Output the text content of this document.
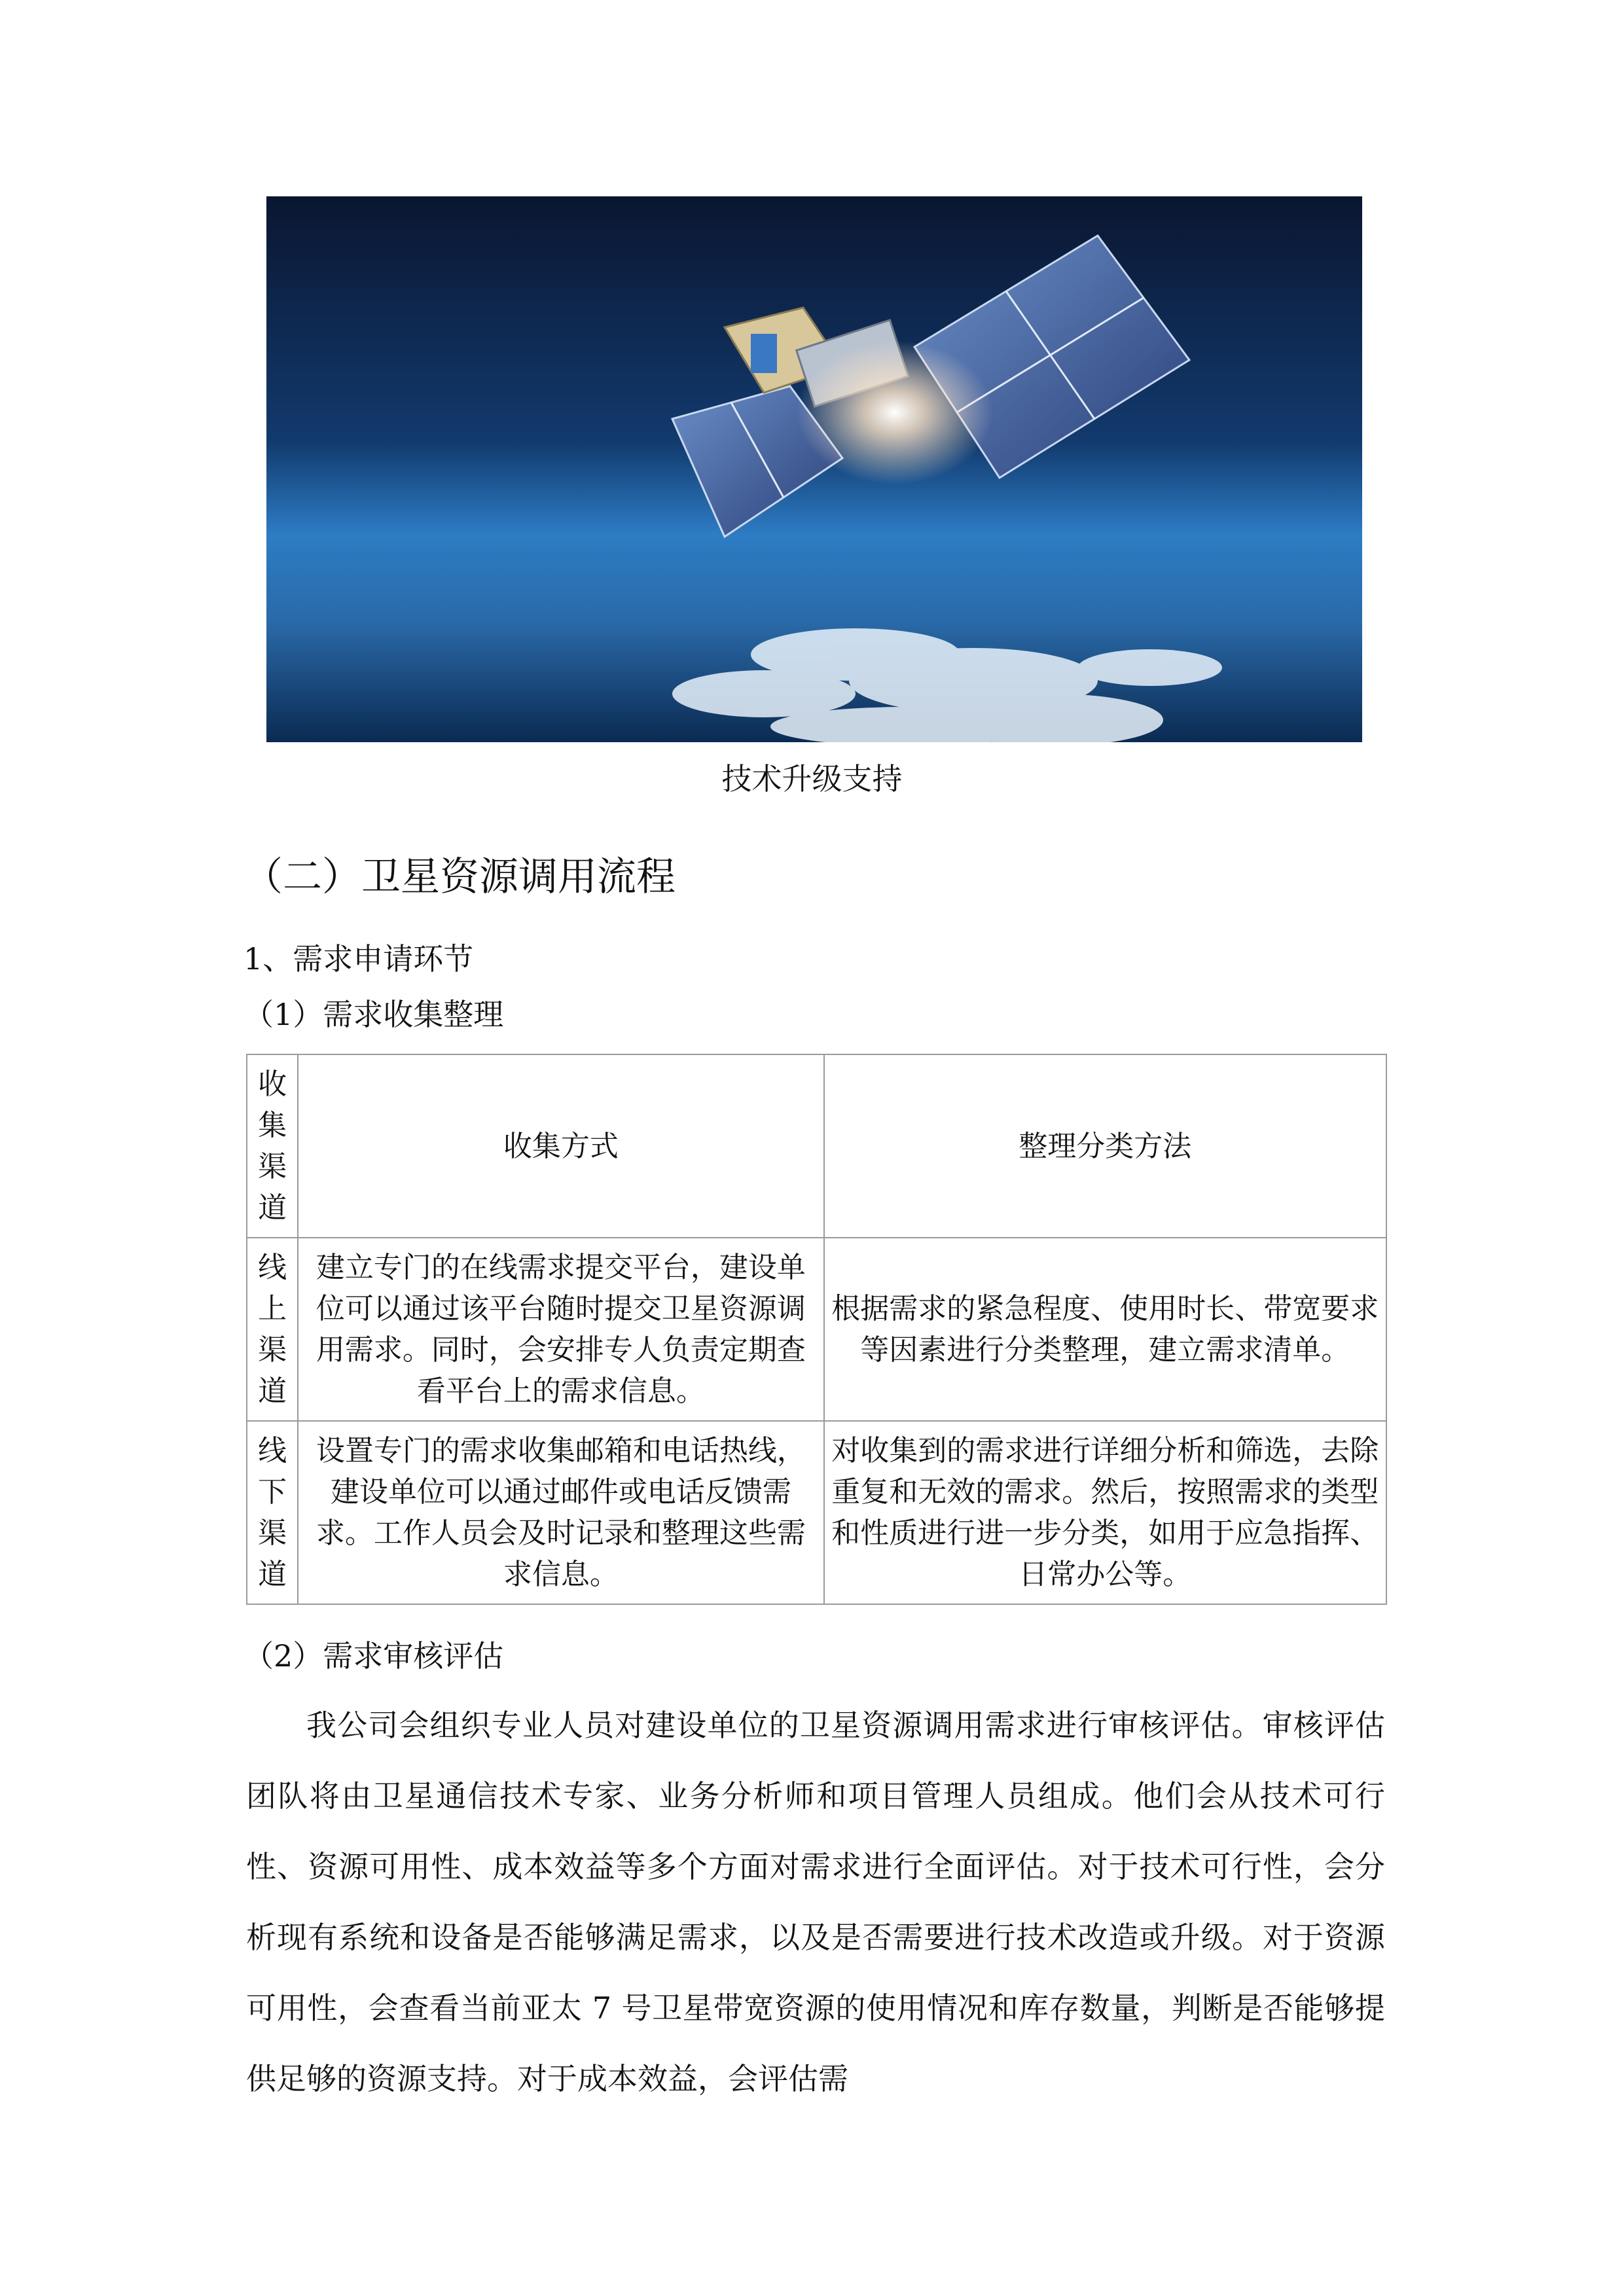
技术升级支持
（二）卫星资源调用流程
1、需求申请环节
（1）需求收集整理
收
集
渠
道	收集方式	整理分类方法

线
上
渠
道	建立专门的在线需求提交平台，建设单位可以通过该平台随时提交卫星资源调用需求。同时，会安排专人负责定期查看平台上的需求信息。	根据需求的紧急程度、使用时长、带宽要求等因素进行分类整理，建立需求清单。

线
下
渠
道	设置专门的需求收集邮箱和电话热线，建设单位可以通过邮件或电话反馈需求。工作人员会及时记录和整理这些需求信息。	对收集到的需求进行详细分析和筛选，去除重复和无效的需求。然后，按照需求的类型和性质进行进一步分类，如用于应急指挥、日常办公等。
（2）需求审核评估
我公司会组织专业人员对建设单位的卫星资源调用需求进行审核评估。审核评估团队将由卫星通信技术专家、业务分析师和项目管理人员组成。他们会从技术可行性、资源可用性、成本效益等多个方面对需求进行全面评估。对于技术可行性，会分析现有系统和设备是否能够满足需求，以及是否需要进行技术改造或升级。对于资源可用性，会查看当前亚太 7 号卫星带宽资源的使用情况和库存数量，判断是否能够提供足够的资源支持。对于成本效益，会评估需
